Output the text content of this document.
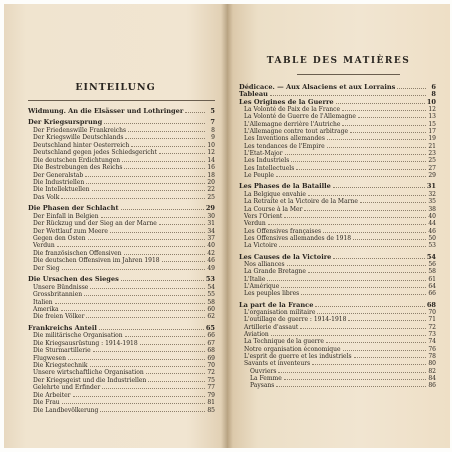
EINTEILUNG
Widmung. An die Elsässer und Lothringer	5
Der Kriegsursprung	7
Der Friedenswille Frankreichs	8
Der Kriegswille Deutschlands	9
Deutschland hinter Oesterreich	10
Deutschland gegen jedes Schiedsgericht	12
Die deutschen Erdichtungen	14
Die Bestrebungen des Reichs	16
Der Generalstab	18
Die Industriellen	20
Die Intellektuellen	22
Das Volk	25
Die Phasen der Schlacht	29
Der Einfall in Belgien	30
Der Rückzug und der Sieg an der Marne	31
Der Wettlauf zum Meere	34
Gegen den Osten	37
Verdun	40
Die französischen Offensiven	42
Die deutschen Offensiven im Jahren 1918	46
Der Sieg	49
Die Ursachen des Sieges	53
Unsere Bündnisse	54
Grossbritannien	55
Italien	58
Amerika	60
Die freien Völker	62
Frankreichs Anteil	65
Die militärische Organisation	66
Die Kriegsausrüstung : 1914-1918	67
Die Sturmartillerie	68
Flugwesen	69
Die Kriegstechnik	70
Unsere wirtschaftliche Organisation	72
Der Kriegsgeist und die Industriellen	75
Gelehrte und Erfinder	77
Die Arbeiter	79
Die Frau	81
Die Landbevölkerung	85
TABLE DES MATIÈRES
Dédicace. — Aux Alsaciens et aux Lorrains	6
Tableau	8
Les Origines de la Guerre	10
La Volonté de Paix de la France	12
La Volonté de Guerre de l'Allemagne	13
L'Allemagne derrière l'Autriche	15
L'Allemagne contre tout arbitrage	17
Les Inventions allemandes	19
Les tendances de l'Empire	21
L'Etat-Major	23
Les Industriels	25
Les Intellectuels	27
Le Peuple	29
Les Phases de la Bataille	31
La Belgique envahie	32
La Retraite et la Victoire de la Marne	35
La Course à la Mer	38
Vers l'Orient	40
Verdun	44
Les Offensives françaises	46
Les Offensives allemandes de 1918	50
La Victoire	53
Les Causes de la Victoire	54
Nos alliances	56
La Grande Bretagne	58
L'Italie	61
L'Amérique	64
Les peuples libres	66
La part de la France	68
L'organisation militaire	70
L'outillage de guerre : 1914-1918	71
Artillerie d'assaut	72
Aviation	73
La Technique de la guerre	74
Notre organisation économique	76
L'esprit de guerre et les industriels	78
Savants et inventeurs	80
Ouvriers	82
La Femme	84
Paysans	86
